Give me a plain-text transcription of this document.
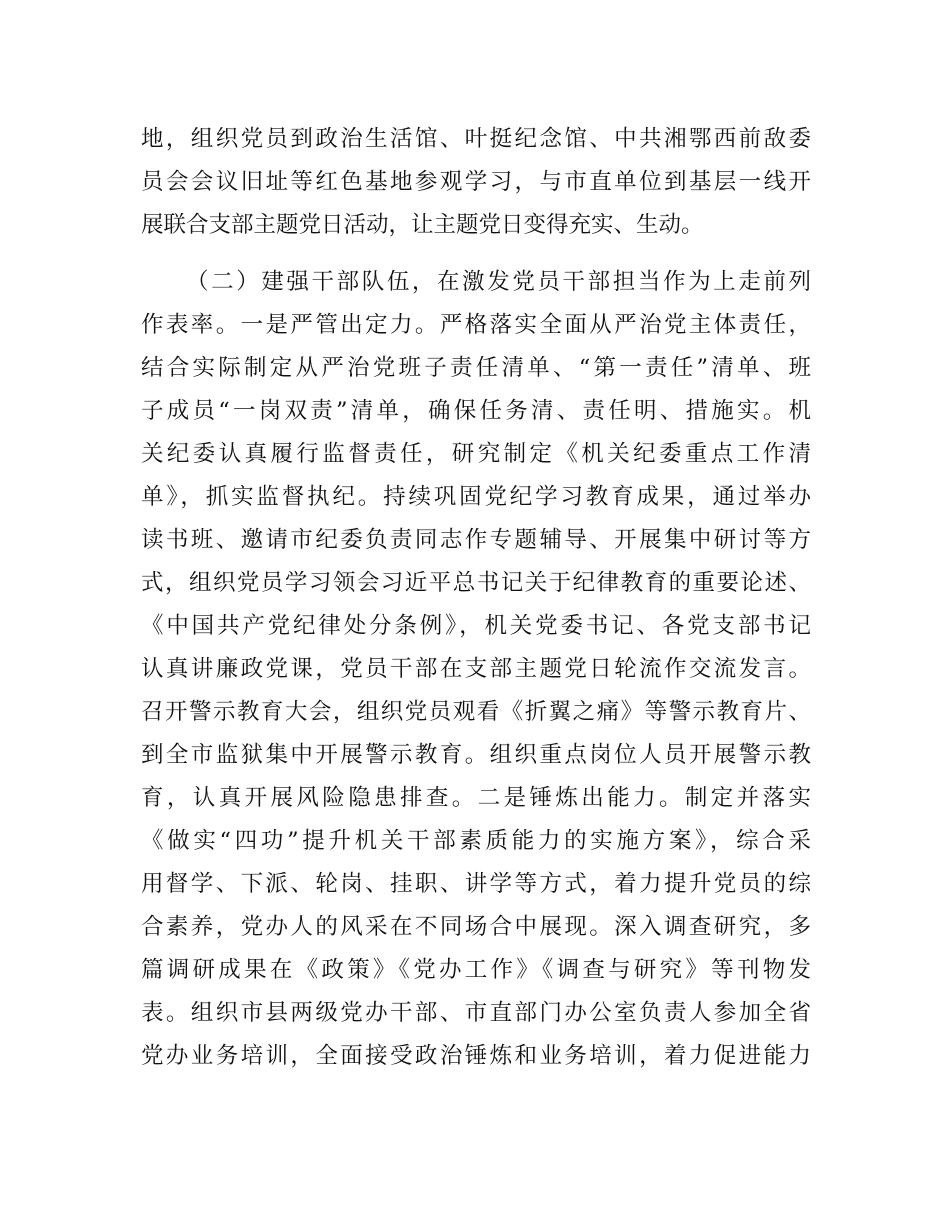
地，组织党员到政治生活馆、叶挺纪念馆、中共湘鄂西前敌委
员会会议旧址等红色基地参观学习，与市直单位到基层一线开
展联合支部主题党日活动，让主题党日变得充实、生动。
（二）建强干部队伍，在激发党员干部担当作为上走前列
作表率。一是严管出定力。严格落实全面从严治党主体责任，
结合实际制定从严治党班子责任清单、“第一责任”清单、班
子成员“一岗双责”清单，确保任务清、责任明、措施实。机
关纪委认真履行监督责任，研究制定《机关纪委重点工作清
单》，抓实监督执纪。持续巩固党纪学习教育成果，通过举办
读书班、邀请市纪委负责同志作专题辅导、开展集中研讨等方
式，组织党员学习领会习近平总书记关于纪律教育的重要论述、
《中国共产党纪律处分条例》，机关党委书记、各党支部书记
认真讲廉政党课，党员干部在支部主题党日轮流作交流发言。
召开警示教育大会，组织党员观看《折翼之痛》等警示教育片、
到全市监狱集中开展警示教育。组织重点岗位人员开展警示教
育，认真开展风险隐患排查。二是锤炼出能力。制定并落实
《做实“四功”提升机关干部素质能力的实施方案》，综合采
用督学、下派、轮岗、挂职、讲学等方式，着力提升党员的综
合素养，党办人的风采在不同场合中展现。深入调查研究，多
篇调研成果在《政策》《党办工作》《调查与研究》等刊物发
表。组织市县两级党办干部、市直部门办公室负责人参加全省
党办业务培训，全面接受政治锤炼和业务培训，着力促进能力
